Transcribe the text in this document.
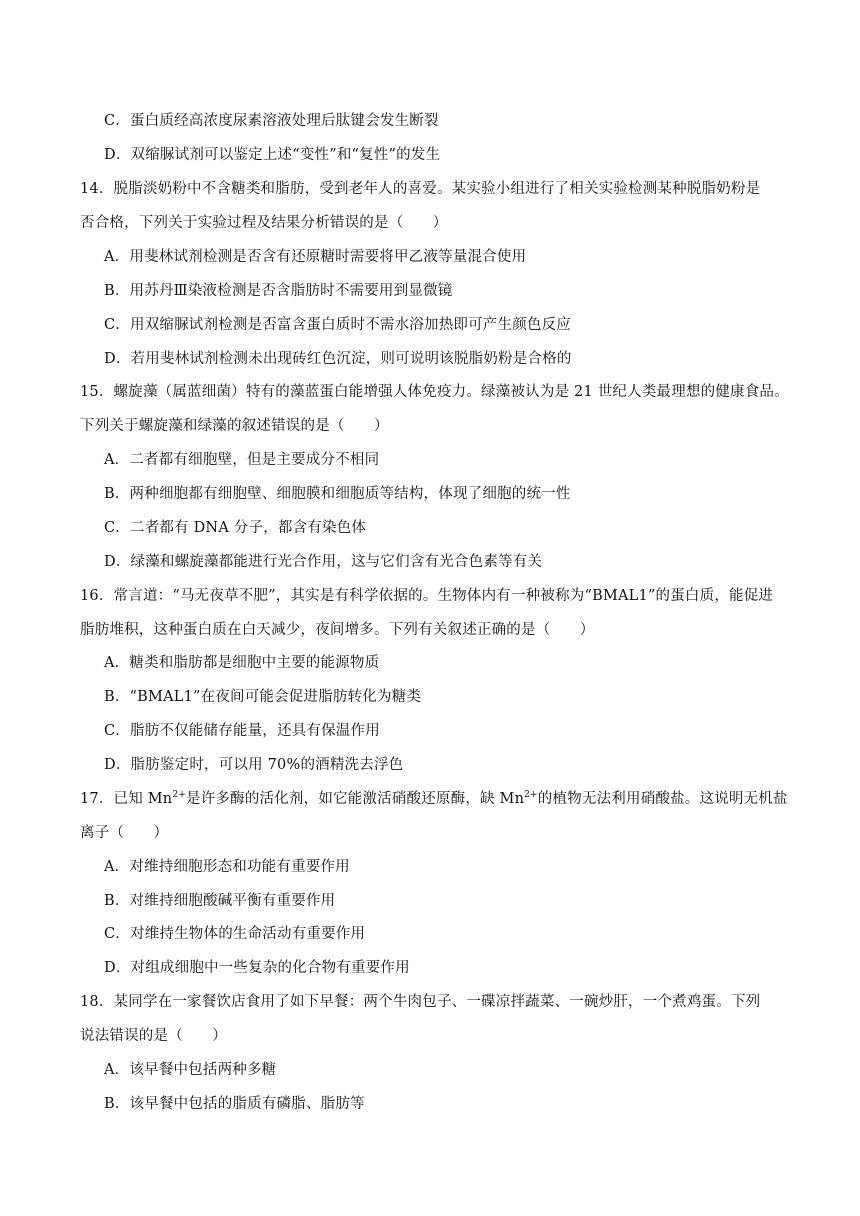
C．蛋白质经高浓度尿素溶液处理后肽键会发生断裂
D．双缩脲试剂可以鉴定上述“变性”和“复性”的发生
14．脱脂淡奶粉中不含糖类和脂肪，受到老年人的喜爱。某实验小组进行了相关实验检测某种脱脂奶粉是
否合格，下列关于实验过程及结果分析错误的是（　　）
A．用斐林试剂检测是否含有还原糖时需要将甲乙液等量混合使用
B．用苏丹Ⅲ染液检测是否含脂肪时不需要用到显微镜
C．用双缩脲试剂检测是否富含蛋白质时不需水浴加热即可产生颜色反应
D．若用斐林试剂检测未出现砖红色沉淀，则可说明该脱脂奶粉是合格的
15．螺旋藻（属蓝细菌）特有的藻蓝蛋白能增强人体免疫力。绿藻被认为是 21 世纪人类最理想的健康食品。
下列关于螺旋藻和绿藻的叙述错误的是（　　）
A．二者都有细胞壁，但是主要成分不相同
B．两种细胞都有细胞壁、细胞膜和细胞质等结构，体现了细胞的统一性
C．二者都有 DNA 分子，都含有染色体
D．绿藻和螺旋藻都能进行光合作用，这与它们含有光合色素等有关
16．常言道：“马无夜草不肥”，其实是有科学依据的。生物体内有一种被称为“BMAL1”的蛋白质，能促进
脂肪堆积，这种蛋白质在白天减少，夜间增多。下列有关叙述正确的是（　　）
A．糖类和脂肪都是细胞中主要的能源物质
B．“BMAL1”在夜间可能会促进脂肪转化为糖类
C．脂肪不仅能储存能量，还具有保温作用
D．脂肪鉴定时，可以用 70%的酒精洗去浮色
17．已知 $Mn^{2+}$是许多酶的活化剂，如它能激活硝酸还原酶，缺 $Mn^{2+}$的植物无法利用硝酸盐。这说明无机盐
离子（　　）
A．对维持细胞形态和功能有重要作用
B．对维持细胞酸碱平衡有重要作用
C．对维持生物体的生命活动有重要作用
D．对组成细胞中一些复杂的化合物有重要作用
18．某同学在一家餐饮店食用了如下早餐：两个牛肉包子、一碟凉拌蔬菜、一碗炒肝，一个煮鸡蛋。下列
说法错误的是（　　）
A．该早餐中包括两种多糖
B．该早餐中包括的脂质有磷脂、脂肪等
